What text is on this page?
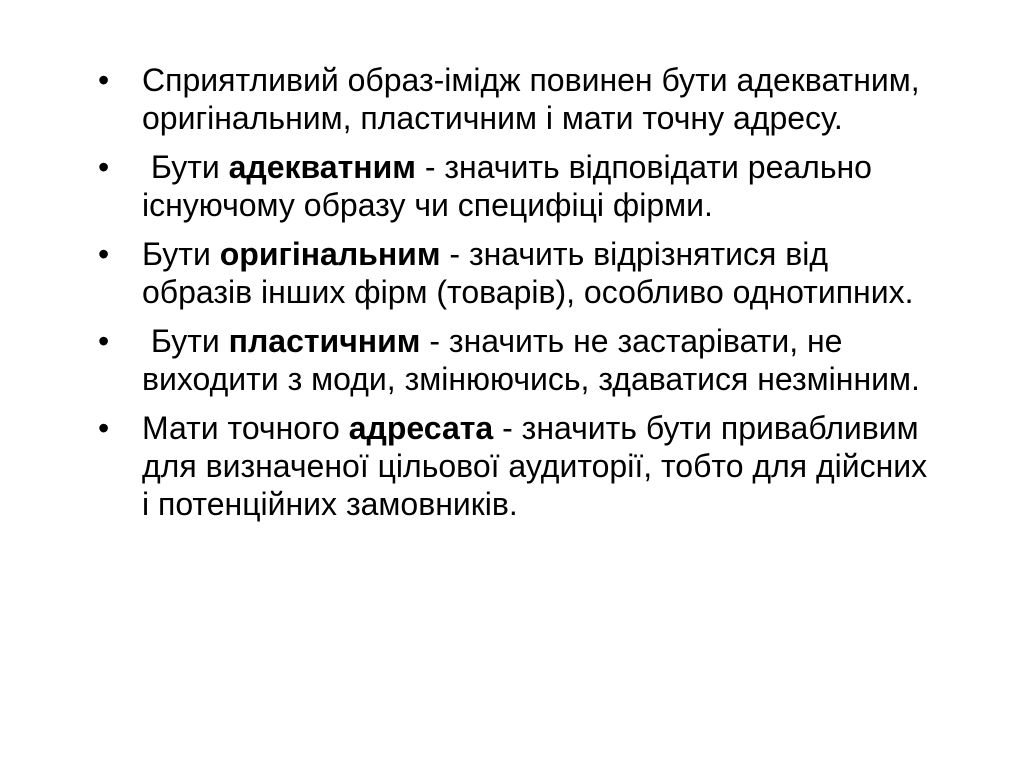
•	Сприятливий образ-імідж повинен бути адекватним, оригінальним, пластичним і мати точну адресу.
•	Бути адекватним - значить відповідати реально існуючому образу чи специфіці фірми.
•	Бути оригінальним - значить відрізнятися від образів інших фірм (товарів), особливо однотипних.
•	Бути пластичним - значить не застарівати, не виходити з моди, змінюючись, здаватися незмінним.
•	Мати точного адресата - значить бути привабливим для визначеної цільової аудиторії, тобто для дійсних і потенційних замовників.
